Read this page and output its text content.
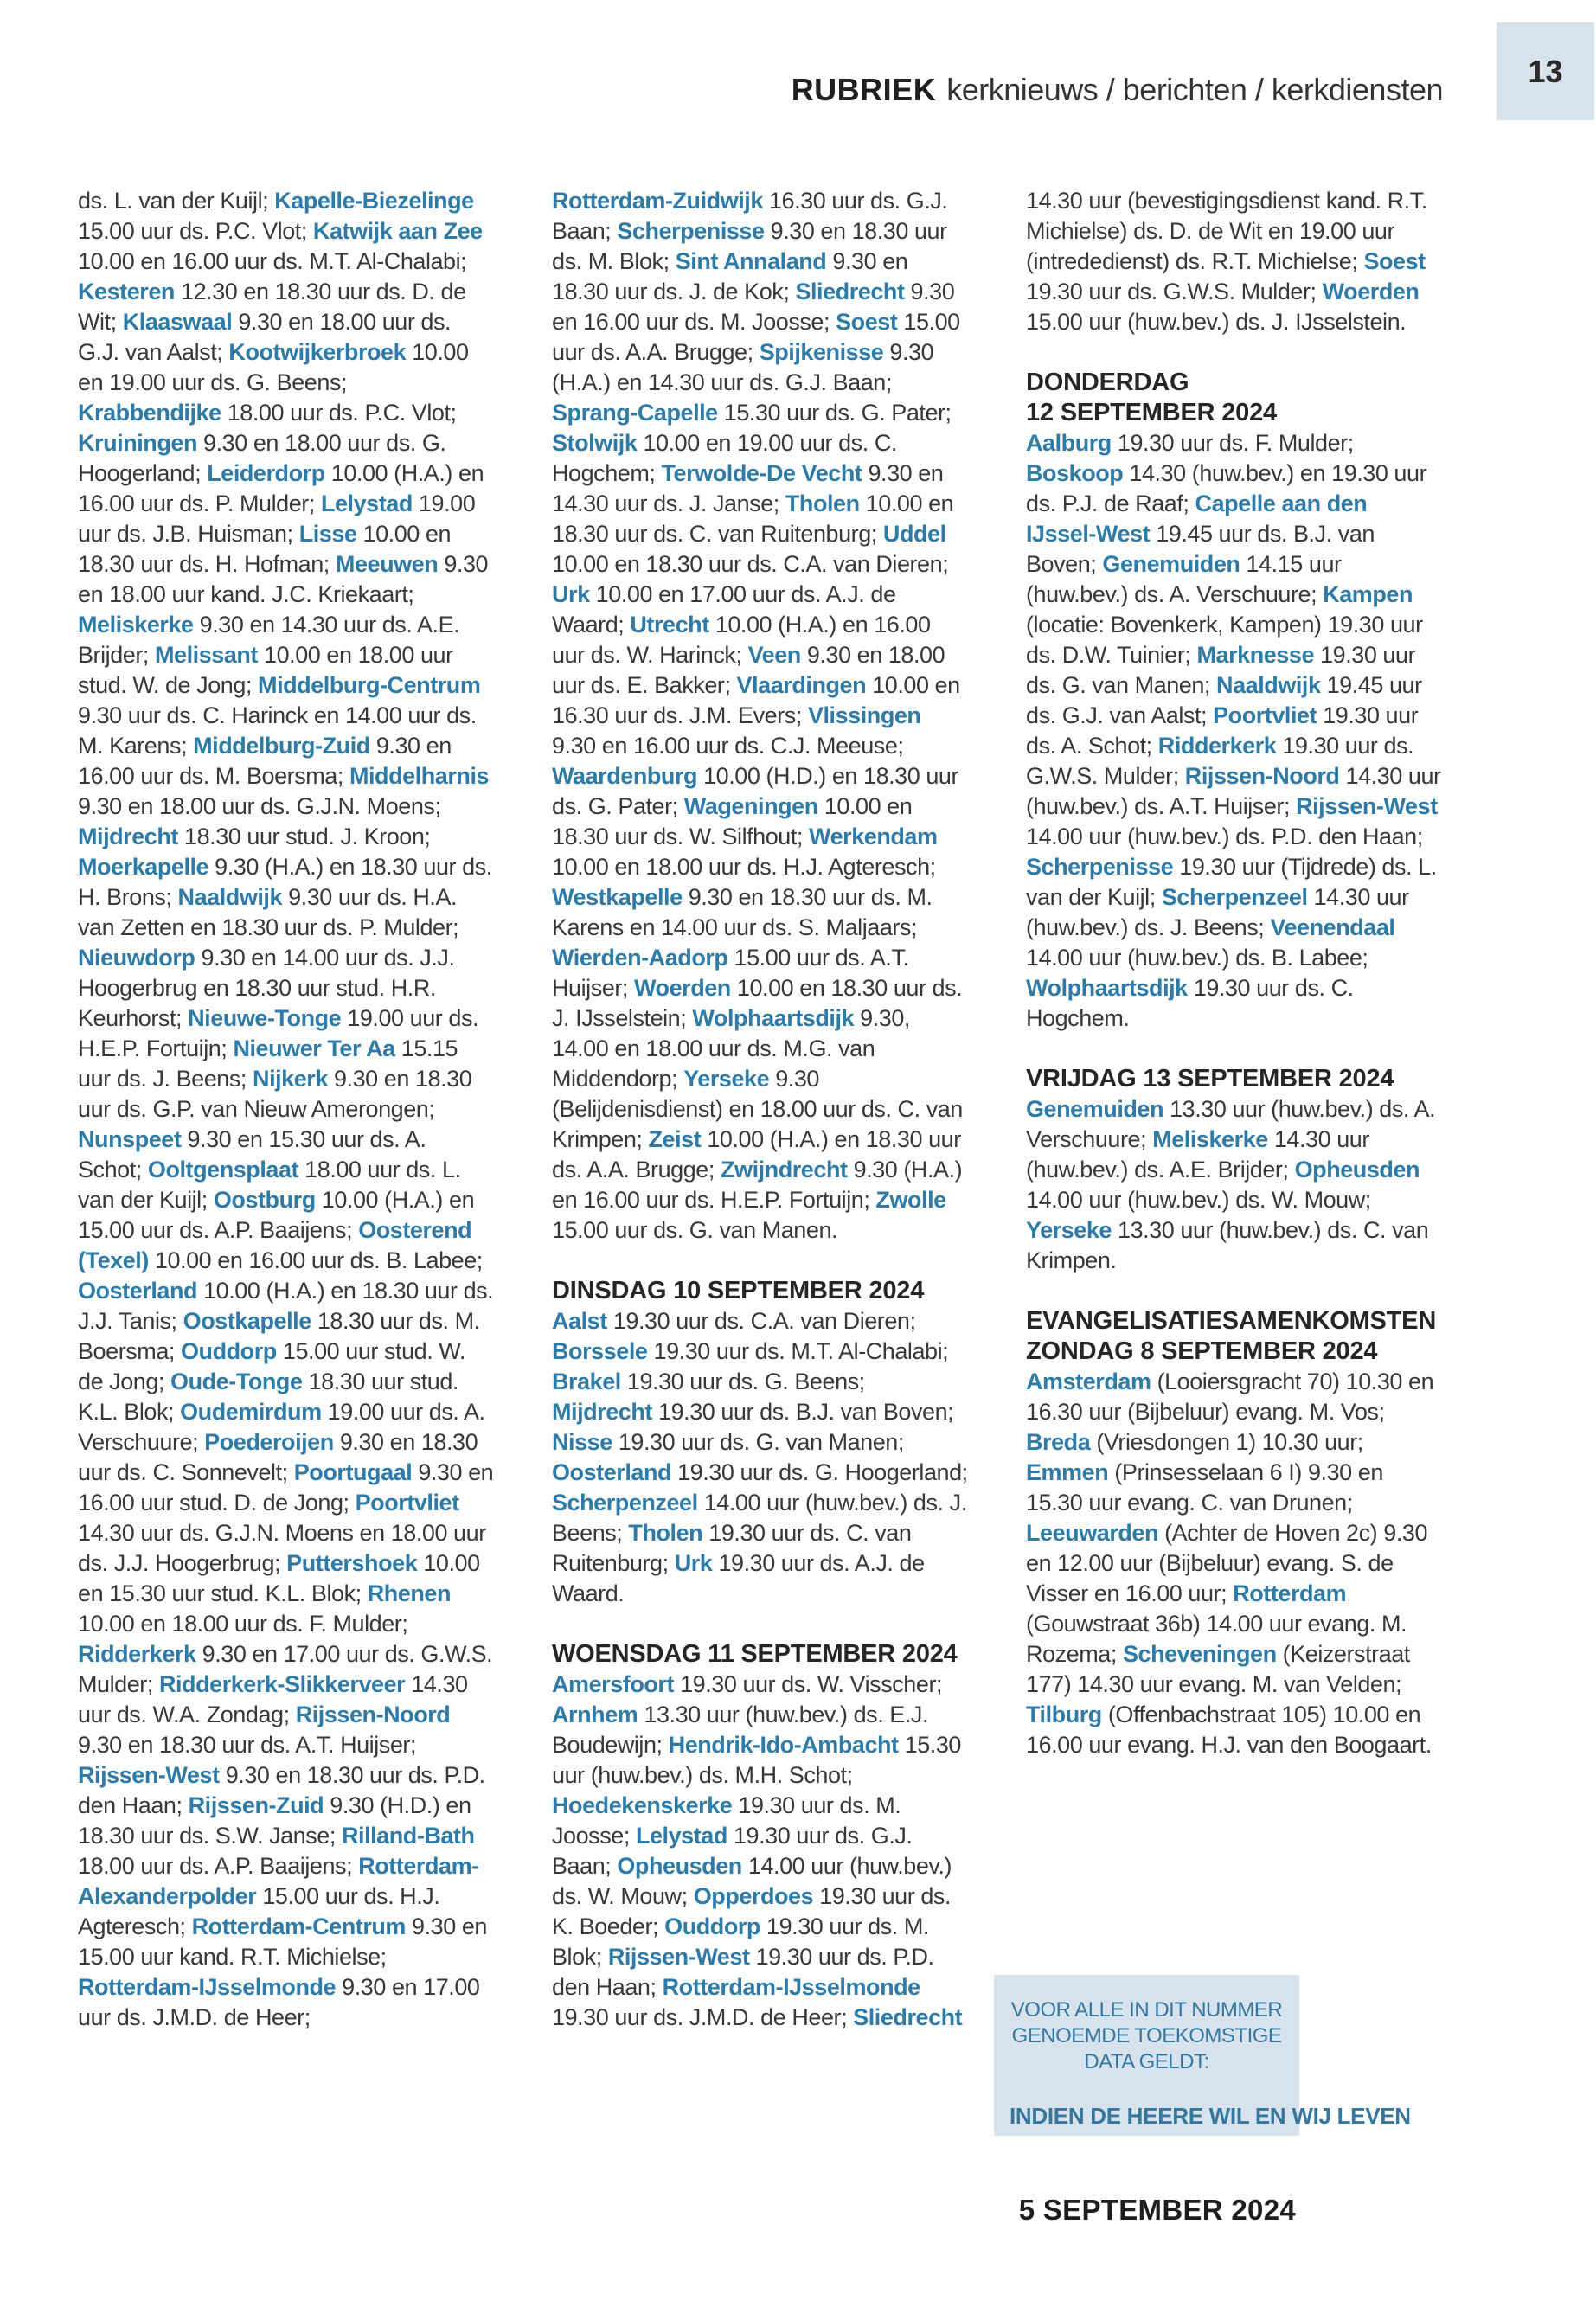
RUBRIEK kerknieuws / berichten / kerkdiensten
13

ds. L. van der Kuijl; Kapelle-Biezelinge 15.00 uur ds. P.C. Vlot; Katwijk aan Zee 10.00 en 16.00 uur ds. M.T. Al-Chalabi; Kesteren 12.30 en 18.30 uur ds. D. de Wit; Klaaswaal 9.30 en 18.00 uur ds. G.J. van Aalst; Kootwijkerbroek 10.00 en 19.00 uur ds. G. Beens; Krabbendijke 18.00 uur ds. P.C. Vlot; Kruiningen 9.30 en 18.00 uur ds. G. Hoogerland; Leiderdorp 10.00 (H.A.) en 16.00 uur ds. P. Mulder; Lelystad 19.00 uur ds. J.B. Huisman; Lisse 10.00 en 18.30 uur ds. H. Hofman; Meeuwen 9.30 en 18.00 uur kand. J.C. Kriekaart; Meliskerke 9.30 en 14.30 uur ds. A.E. Brijder; Melissant 10.00 en 18.00 uur stud. W. de Jong; Middelburg-Centrum 9.30 uur ds. C. Harinck en 14.00 uur ds. M. Karens; Middelburg-Zuid 9.30 en 16.00 uur ds. M. Boersma; Middelharnis 9.30 en 18.00 uur ds. G.J.N. Moens; Mijdrecht 18.30 uur stud. J. Kroon; Moerkapelle 9.30 (H.A.) en 18.30 uur ds. H. Brons; Naaldwijk 9.30 uur ds. H.A. van Zetten en 18.30 uur ds. P. Mulder; Nieuwdorp 9.30 en 14.00 uur ds. J.J. Hoogerbrug en 18.30 uur stud. H.R. Keurhorst; Nieuwe-Tonge 19.00 uur ds. H.E.P. Fortuijn; Nieuwer Ter Aa 15.15 uur ds. J. Beens; Nijkerk 9.30 en 18.30 uur ds. G.P. van Nieuw Amerongen; Nunspeet 9.30 en 15.30 uur ds. A. Schot; Ooltgensplaat 18.00 uur ds. L. van der Kuijl; Oostburg 10.00 (H.A.) en 15.00 uur ds. A.P. Baaijens; Oosterend (Texel) 10.00 en 16.00 uur ds. B. Labee; Oosterland 10.00 (H.A.) en 18.30 uur ds. J.J. Tanis; Oostkapelle 18.30 uur ds. M. Boersma; Ouddorp 15.00 uur stud. W. de Jong; Oude-Tonge 18.30 uur stud. K.L. Blok; Oudemirdum 19.00 uur ds. A. Verschuure; Poederoijen 9.30 en 18.30 uur ds. C. Sonnevelt; Poortugaal 9.30 en 16.00 uur stud. D. de Jong; Poortvliet 14.30 uur ds. G.J.N. Moens en 18.00 uur ds. J.J. Hoogerbrug; Puttershoek 10.00 en 15.30 uur stud. K.L. Blok; Rhenen 10.00 en 18.00 uur ds. F. Mulder; Ridderkerk 9.30 en 17.00 uur ds. G.W.S. Mulder; Ridderkerk-Slikkerveer 14.30 uur ds. W.A. Zondag; Rijssen-Noord 9.30 en 18.30 uur ds. A.T. Huijser; Rijssen-West 9.30 en 18.30 uur ds. P.D. den Haan; Rijssen-Zuid 9.30 (H.D.) en 18.30 uur ds. S.W. Janse; Rilland-Bath 18.00 uur ds. A.P. Baaijens; Rotterdam-Alexanderpolder 15.00 uur ds. H.J. Agteresch; Rotterdam-Centrum 9.30 en 15.00 uur kand. R.T. Michielse; Rotterdam-IJsselmonde 9.30 en 17.00 uur ds. J.M.D. de Heer;

Rotterdam-Zuidwijk 16.30 uur ds. G.J. Baan; Scherpenisse 9.30 en 18.30 uur ds. M. Blok; Sint Annaland 9.30 en 18.30 uur ds. J. de Kok; Sliedrecht 9.30 en 16.00 uur ds. M. Joosse; Soest 15.00 uur ds. A.A. Brugge; Spijkenisse 9.30 (H.A.) en 14.30 uur ds. G.J. Baan; Sprang-Capelle 15.30 uur ds. G. Pater; Stolwijk 10.00 en 19.00 uur ds. C. Hogchem; Terwolde-De Vecht 9.30 en 14.30 uur ds. J. Janse; Tholen 10.00 en 18.30 uur ds. C. van Ruitenburg; Uddel 10.00 en 18.30 uur ds. C.A. van Dieren; Urk 10.00 en 17.00 uur ds. A.J. de Waard; Utrecht 10.00 (H.A.) en 16.00 uur ds. W. Harinck; Veen 9.30 en 18.00 uur ds. E. Bakker; Vlaardingen 10.00 en 16.30 uur ds. J.M. Evers; Vlissingen 9.30 en 16.00 uur ds. C.J. Meeuse; Waardenburg 10.00 (H.D.) en 18.30 uur ds. G. Pater; Wageningen 10.00 en 18.30 uur ds. W. Silfhout; Werkendam 10.00 en 18.00 uur ds. H.J. Agteresch; Westkapelle 9.30 en 18.30 uur ds. M. Karens en 14.00 uur ds. S. Maljaars; Wierden-Aadorp 15.00 uur ds. A.T. Huijser; Woerden 10.00 en 18.30 uur ds. J. IJsselstein; Wolphaartsdijk 9.30, 14.00 en 18.00 uur ds. M.G. van Middendorp; Yerseke 9.30 (Belijdenisdienst) en 18.00 uur ds. C. van Krimpen; Zeist 10.00 (H.A.) en 18.30 uur ds. A.A. Brugge; Zwijndrecht 9.30 (H.A.) en 16.00 uur ds. H.E.P. Fortuijn; Zwolle 15.00 uur ds. G. van Manen.

DINSDAG 10 SEPTEMBER 2024

Aalst 19.30 uur ds. C.A. van Dieren; Borssele 19.30 uur ds. M.T. Al-Chalabi; Brakel 19.30 uur ds. G. Beens; Mijdrecht 19.30 uur ds. B.J. van Boven; Nisse 19.30 uur ds. G. van Manen; Oosterland 19.30 uur ds. G. Hoogerland; Scherpenzeel 14.00 uur (huw.bev.) ds. J. Beens; Tholen 19.30 uur ds. C. van Ruitenburg; Urk 19.30 uur ds. A.J. de Waard.

WOENSDAG 11 SEPTEMBER 2024

Amersfoort 19.30 uur ds. W. Visscher; Arnhem 13.30 uur (huw.bev.) ds. E.J. Boudewijn; Hendrik-Ido-Ambacht 15.30 uur (huw.bev.) ds. M.H. Schot; Hoedekenskerke 19.30 uur ds. M. Joosse; Lelystad 19.30 uur ds. G.J. Baan; Opheusden 14.00 uur (huw.bev.) ds. W. Mouw; Opperdoes 19.30 uur ds. K. Boeder; Ouddorp 19.30 uur ds. M. Blok; Rijssen-West 19.30 uur ds. P.D. den Haan; Rotterdam-IJsselmonde 19.30 uur ds. J.M.D. de Heer; Sliedrecht

14.30 uur (bevestigingsdienst kand. R.T. Michielse) ds. D. de Wit en 19.00 uur (intrededienst) ds. R.T. Michielse; Soest 19.30 uur ds. G.W.S. Mulder; Woerden 15.00 uur (huw.bev.) ds. J. IJsselstein.

DONDERDAG
12 SEPTEMBER 2024

Aalburg 19.30 uur ds. F. Mulder; Boskoop 14.30 (huw.bev.) en 19.30 uur ds. P.J. de Raaf; Capelle aan den IJssel-West 19.45 uur ds. B.J. van Boven; Genemuiden 14.15 uur (huw.bev.) ds. A. Verschuure; Kampen (locatie: Bovenkerk, Kampen) 19.30 uur ds. D.W. Tuinier; Marknesse 19.30 uur ds. G. van Manen; Naaldwijk 19.45 uur ds. G.J. van Aalst; Poortvliet 19.30 uur ds. A. Schot; Ridderkerk 19.30 uur ds. G.W.S. Mulder; Rijssen-Noord 14.30 uur (huw.bev.) ds. A.T. Huijser; Rijssen-West 14.00 uur (huw.bev.) ds. P.D. den Haan; Scherpenisse 19.30 uur (Tijdrede) ds. L. van der Kuijl; Scherpenzeel 14.30 uur (huw.bev.) ds. J. Beens; Veenendaal 14.00 uur (huw.bev.) ds. B. Labee; Wolphaartsdijk 19.30 uur ds. C. Hogchem.

VRIJDAG 13 SEPTEMBER 2024

Genemuiden 13.30 uur (huw.bev.) ds. A. Verschuure; Meliskerke 14.30 uur (huw.bev.) ds. A.E. Brijder; Opheusden 14.00 uur (huw.bev.) ds. W. Mouw; Yerseke 13.30 uur (huw.bev.) ds. C. van Krimpen.

EVANGELISATIESAMENKOMSTEN
ZONDAG 8 SEPTEMBER 2024

Amsterdam (Looiersgracht 70) 10.30 en 16.30 uur (Bijbeluur) evang. M. Vos; Breda (Vriesdongen 1) 10.30 uur; Emmen (Prinsesselaan 6 I) 9.30 en 15.30 uur evang. C. van Drunen; Leeuwarden (Achter de Hoven 2c) 9.30 en 12.00 uur (Bijbeluur) evang. S. de Visser en 16.00 uur; Rotterdam (Gouwstraat 36b) 14.00 uur evang. M. Rozema; Scheveningen (Keizerstraat 177) 14.30 uur evang. M. van Velden; Tilburg (Offenbachstraat 105) 10.00 en 16.00 uur evang. H.J. van den Boogaart.

VOOR ALLE IN DIT NUMMER GENOEMDE TOEKOMSTIGE DATA GELDT:
INDIEN DE HEERE WIL EN WIJ LEVEN
5 SEPTEMBER 2024
